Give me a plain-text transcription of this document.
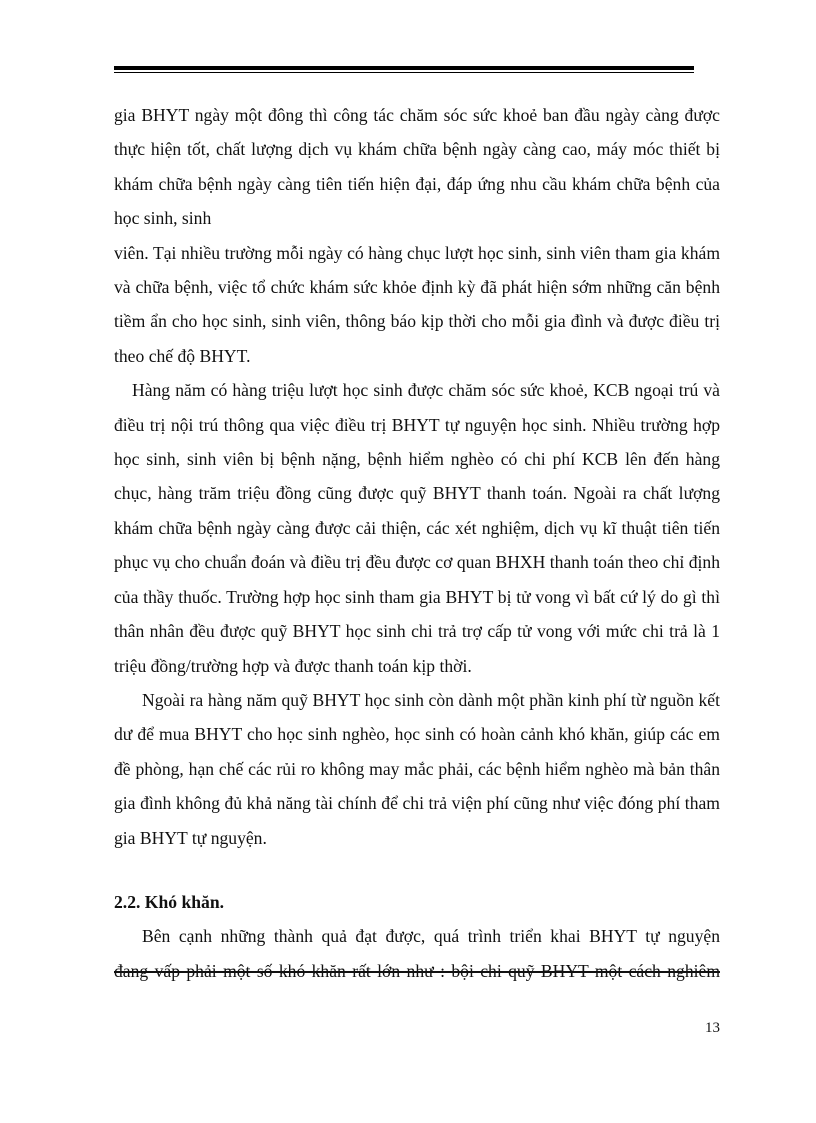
gia BHYT ngày một đông thì công tác chăm sóc sức khoẻ ban đầu ngày càng được thực hiện tốt, chất lượng dịch vụ khám chữa bệnh ngày càng cao, máy móc thiết bị khám chữa bệnh ngày càng tiên tiến hiện đại, đáp ứng nhu cầu khám chữa bệnh của học sinh, sinh

viên. Tại nhiều trường mỗi ngày có hàng chục lượt học sinh, sinh viên tham gia khám và chữa bệnh, việc tổ chức khám sức khỏe định kỳ đã phát hiện sớm những căn bệnh tiềm ẩn cho học sinh, sinh viên, thông báo kịp thời cho mỗi gia đình và được điều trị theo chế độ BHYT.

Hàng năm có hàng triệu lượt học sinh được chăm sóc sức khoẻ, KCB ngoại trú và điều trị nội trú thông qua việc điều trị BHYT tự nguyện học sinh. Nhiều trường hợp học sinh, sinh viên bị bệnh nặng, bệnh hiểm nghèo có chi phí KCB lên đến hàng chục, hàng trăm triệu đồng cũng được quỹ BHYT thanh toán. Ngoài ra chất lượng khám chữa bệnh ngày càng được cải thiện, các xét nghiệm, dịch vụ kĩ thuật tiên tiến phục vụ cho chuẩn đoán và điều trị đều được cơ quan BHXH thanh toán theo chỉ định của thầy thuốc. Trường hợp học sinh tham gia BHYT bị tử vong vì bất cứ lý do gì thì thân nhân đều được quỹ BHYT học sinh chi trả trợ cấp tử vong với mức chi trả là 1 triệu đồng/trường hợp và được thanh toán kịp thời.

Ngoài ra hàng năm quỹ BHYT học sinh còn dành một phần kinh phí từ nguồn kết dư để mua BHYT cho học sinh nghèo, học sinh có hoàn cảnh khó khăn, giúp các em đề phòng, hạn chế các rủi ro không may mắc phải, các bệnh hiểm nghèo mà bản thân gia đình không đủ khả năng tài chính để chi trả viện phí cũng như việc đóng phí tham gia BHYT tự nguyện.

2.2. Khó khăn.

Bên cạnh những thành quả đạt được, quá trình triển khai BHYT tự nguyện

đang vấp phải một số khó khăn rất lớn như : bội chi quỹ BHYT một cách nghiêm

13
